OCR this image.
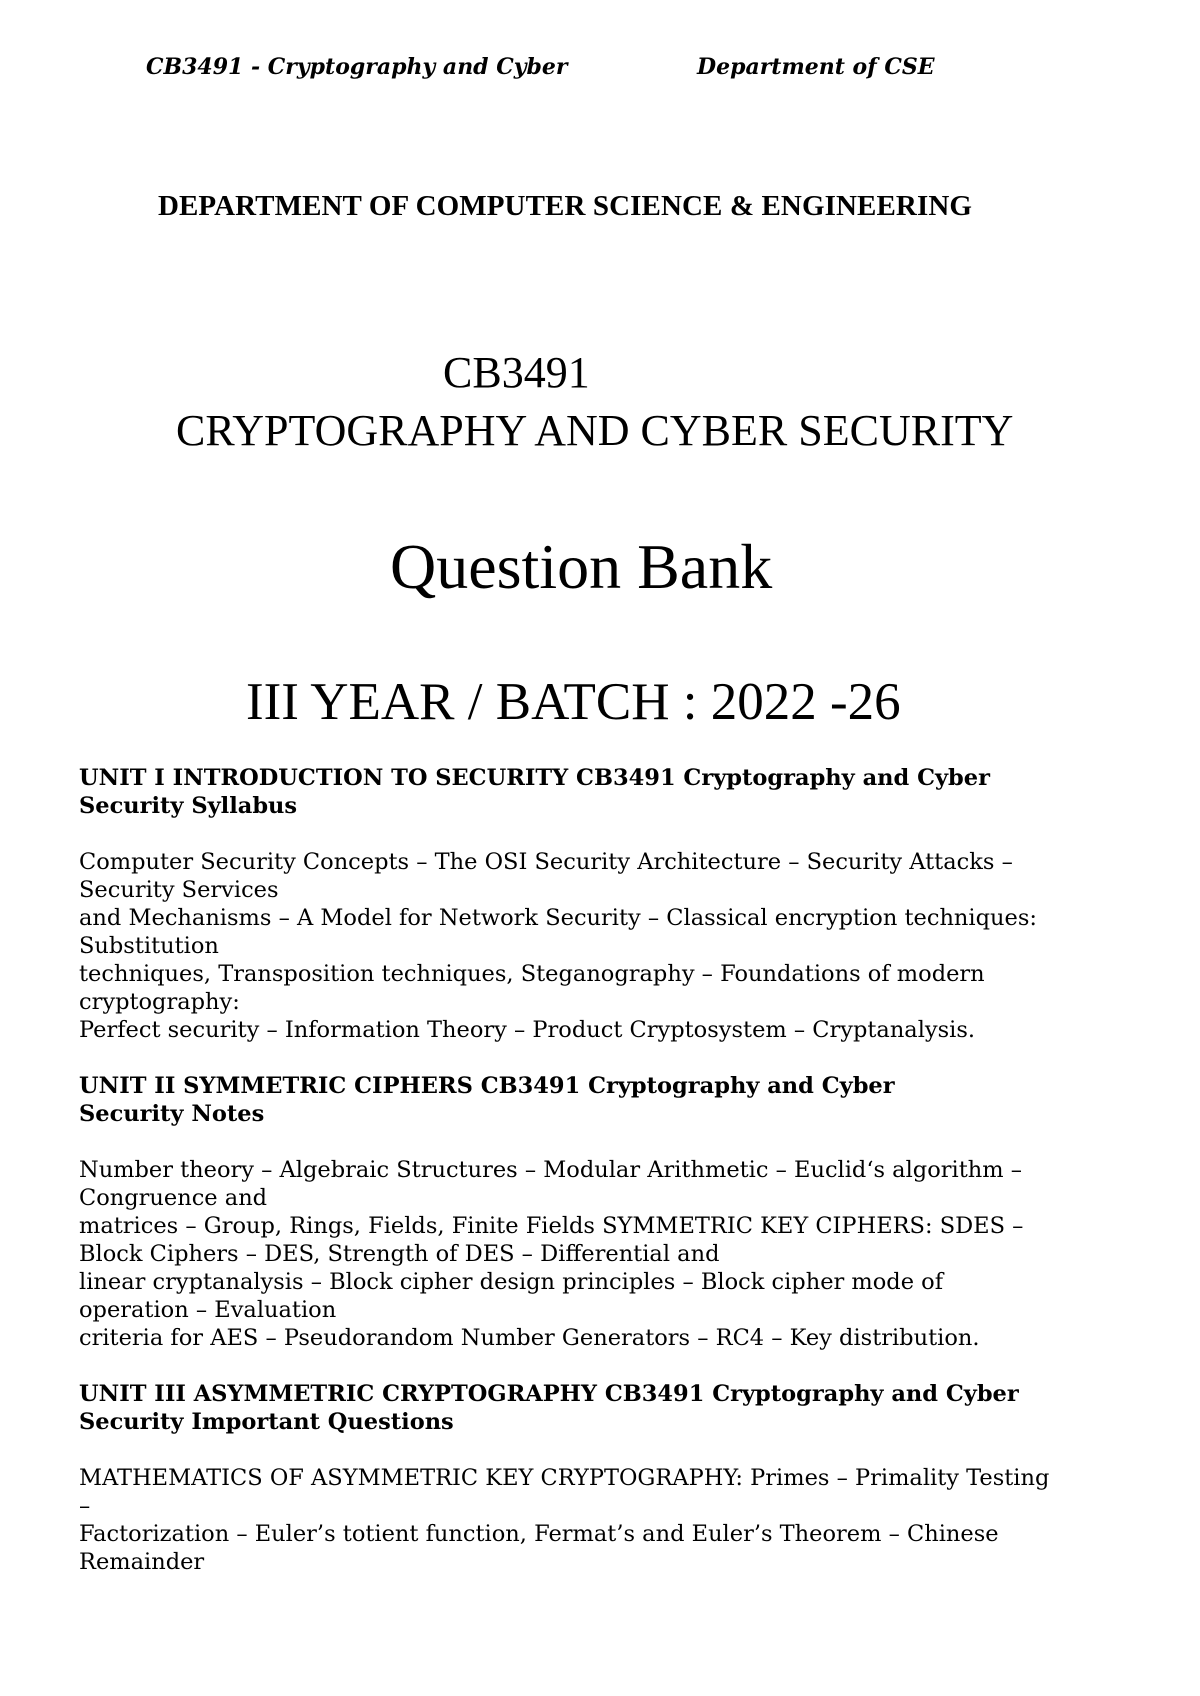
CB3491 - Cryptography and Cyber	Department of CSE
DEPARTMENT OF COMPUTER SCIENCE & ENGINEERING
CB3491
CRYPTOGRAPHY AND CYBER SECURITY
Question Bank
III YEAR / BATCH : 2022 -26
UNIT I INTRODUCTION TO SECURITY CB3491 Cryptography and Cyber
Security Syllabus
Computer Security Concepts – The OSI Security Architecture – Security Attacks –
Security Services
and Mechanisms – A Model for Network Security – Classical encryption techniques:
Substitution
techniques, Transposition techniques, Steganography – Foundations of modern
cryptography:
Perfect security – Information Theory – Product Cryptosystem – Cryptanalysis.
UNIT II SYMMETRIC CIPHERS CB3491 Cryptography and Cyber
Security Notes
Number theory – Algebraic Structures – Modular Arithmetic – Euclid‘s algorithm –
Congruence and
matrices – Group, Rings, Fields, Finite Fields SYMMETRIC KEY CIPHERS: SDES –
Block Ciphers – DES, Strength of DES – Differential and
linear cryptanalysis – Block cipher design principles – Block cipher mode of
operation – Evaluation
criteria for AES – Pseudorandom Number Generators – RC4 – Key distribution.
UNIT III ASYMMETRIC CRYPTOGRAPHY CB3491 Cryptography and Cyber
Security Important Questions
MATHEMATICS OF ASYMMETRIC KEY CRYPTOGRAPHY: Primes – Primality Testing
–
Factorization – Euler’s totient function, Fermat’s and Euler’s Theorem – Chinese
Remainder
